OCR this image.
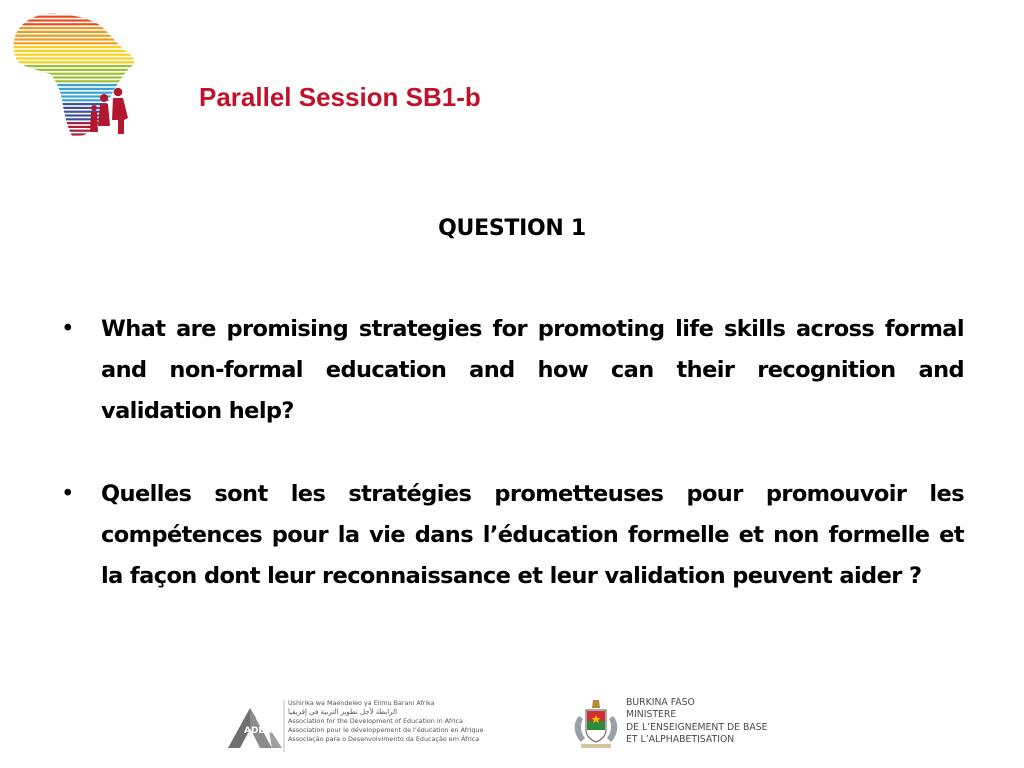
Parallel Session SB1-b
QUESTION 1
• What are promising strategies for promoting life skills across formal and non-formal education and how can their recognition and validation help?
• Quelles sont les stratégies prometteuses pour promouvoir les compétences pour la vie dans l’éducation formelle et non formelle et la façon dont leur reconnaissance et leur validation peuvent aider ?
ADEA
Ushirika wa Maendeleo ya Elimu Barani Afrika
الرابطة لأجل تطوير التربية في إفريقيا
Association for the Development of Education in Africa
Association pour le développement de l’éducation en Afrique
Associação para o Desenvolvimento da Educação em África
BURKINA FASO
MINISTERE
DE L’ENSEIGNEMENT DE BASE
ET L’ALPHABETISATION
